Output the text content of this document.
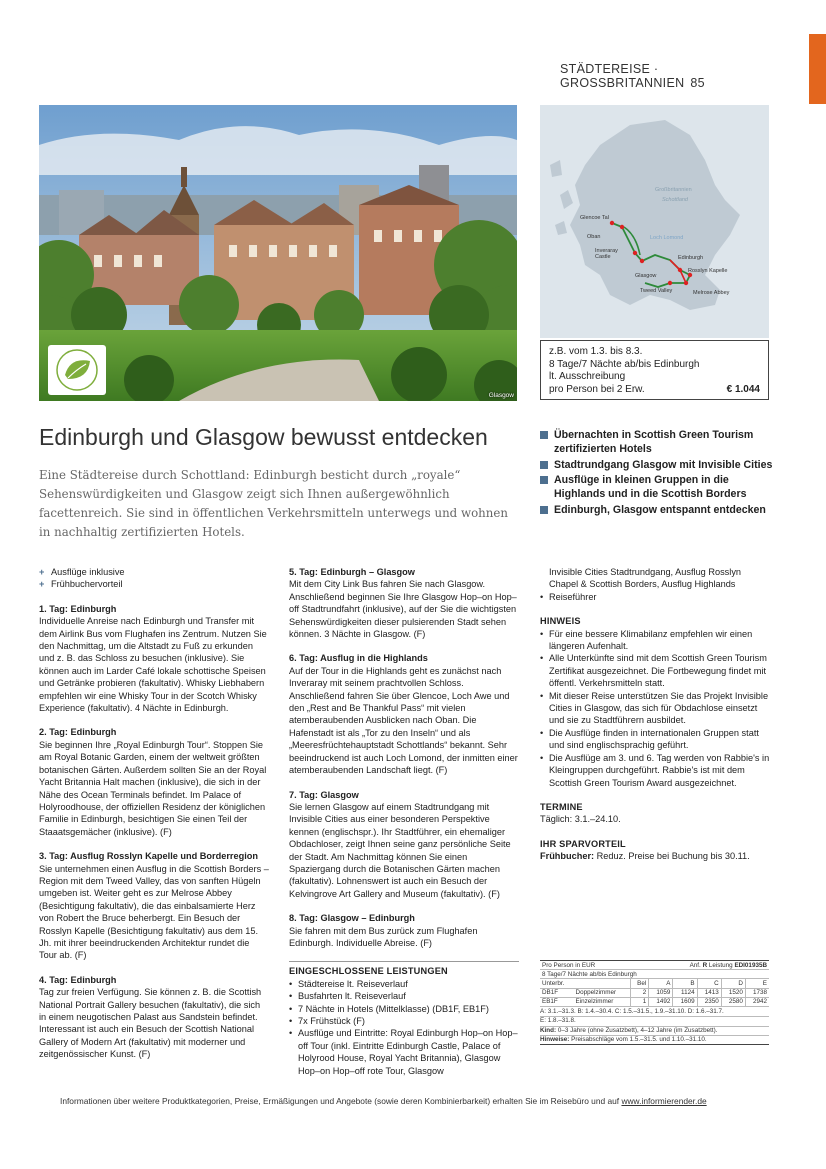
STÄDTEREISE · GROSSBRITANNIEN 85
Glasgow
Großbritannien
Schottland
Loch Lomond
Glencoe Tal
Oban
Inveraray Castle
Glasgow
Edinburgh
Rosslyn Kapelle
Tweed Valley	Melrose Abbey
z.B. vom 1.3. bis 8.3.
8 Tage/7 Nächte ab/bis Edinburgh
lt. Ausschreibung
pro Person bei 2 Erw.	€ 1.044
Edinburgh und Glasgow bewusst entdecken

Eine Städtereise durch Schottland: Edinburgh besticht durch „royale“ Sehenswürdigkeiten und Glasgow zeigt sich Ihnen außergewöhnlich facettenreich. Sie sind in öffentlichen Verkehrsmitteln unterwegs und wohnen in nachhaltig zertifizierten Hotels.

Übernachten in Scottish Green Tourism zertifizierten Hotels
Stadtrundgang Glasgow mit Invisible Cities
Ausflüge in kleinen Gruppen in die Highlands und in die Scottish Borders
Edinburgh, Glasgow entspannt entdecken
+ Ausflüge inklusive
+ Frühbuchervorteil

1. Tag: Edinburgh
Individuelle Anreise nach Edinburgh und Transfer mit dem Airlink Bus vom Flughafen ins Zentrum. Nutzen Sie den Nachmittag, um die Altstadt zu Fuß zu erkunden und z. B. das Schloss zu besuchen (inklusive). Sie können auch im Larder Café lokale schottische Speisen und Getränke probieren (fakultativ). Whisky Liebhabern empfehlen wir eine Whisky Tour in der Scotch Whisky Experience (fakultativ). 4 Nächte in Edinburgh.

2. Tag: Edinburgh
Sie beginnen Ihre „Royal Edinburgh Tour“. Stoppen Sie am Royal Botanic Garden, einem der weltweit größten botanischen Gärten. Außerdem sollten Sie an der Royal Yacht Britannia Halt machen (inklusive), die sich in der Nähe des Ocean Terminals befindet. Im Palace of Holyroodhouse, der offiziellen Residenz der königlichen Familie in Edinburgh, besichtigen Sie einen Teil der Staaatsgemächer (inklusive). (F)

3. Tag: Ausflug Rosslyn Kapelle und Borderregion
Sie unternehmen einen Ausflug in die Scottish Borders – Region mit dem Tweed Valley, das von sanften Hügeln umgeben ist. Weiter geht es zur Melrose Abbey (Besichtigung fakultativ), die das einbalsamierte Herz von Robert the Bruce beherbergt. Ein Besuch der Rosslyn Kapelle (Besichtigung fakultativ) aus dem 15. Jh. mit ihrer beeindruckenden Architektur rundet die Tour ab. (F)

4. Tag: Edinburgh
Tag zur freien Verfügung. Sie können z. B. die Scottish National Portrait Gallery besuchen (fakultativ), die sich in einem neugotischen Palast aus Sandstein befindet. Interessant ist auch ein Besuch der Scottish National Gallery of Modern Art (fakultativ) mit moderner und zeitgenössischer Kunst. (F)

5. Tag: Edinburgh – Glasgow
Mit dem City Link Bus fahren Sie nach Glasgow. Anschließend beginnen Sie Ihre Glasgow Hop–on Hop–off Stadtrundfahrt (inklusive), auf der Sie die wichtigsten Sehenswürdigkeiten dieser pulsierenden Stadt sehen können. 3 Nächte in Glasgow. (F)

6. Tag: Ausflug in die Highlands
Auf der Tour in die Highlands geht es zunächst nach Inveraray mit seinem prachtvollen Schloss. Anschließend fahren Sie über Glencoe, Loch Awe und den „Rest and Be Thankful Pass“ mit vielen atemberaubenden Ausblicken nach Oban. Die Hafenstadt ist als „Tor zu den Inseln“ und als „Meeresfrüchtehauptstadt Schottlands“ bekannt. Sehr beeindruckend ist auch Loch Lomond, der inmitten einer atemberaubenden Landschaft liegt. (F)

7. Tag: Glasgow
Sie lernen Glasgow auf einem Stadtrundgang mit Invisible Cities aus einer besonderen Perspektive kennen (englischspr.). Ihr Stadtführer, ein ehemaliger Obdachloser, zeigt Ihnen seine ganz persönliche Seite der Stadt. Am Nachmittag können Sie einen Spaziergang durch die Botanischen Gärten machen (fakultativ). Lohnenswert ist auch ein Besuch der Kelvingrove Art Gallery and Museum (fakultativ). (F)

8. Tag: Glasgow – Edinburgh
Sie fahren mit dem Bus zurück zum Flughafen Edinburgh. Individuelle Abreise. (F)

EINGESCHLOSSENE LEISTUNGEN
• Städtereise lt. Reiseverlauf
• Busfahrten lt. Reiseverlauf
• 7 Nächte in Hotels (Mittelklasse) (DB1F, EB1F)
• 7x Frühstück (F)
• Ausflüge und Eintritte: Royal Edinburgh Hop–on Hop–off Tour (inkl. Eintritte Edinburgh Castle, Palace of Holyrood House, Royal Yacht Britannia), Glasgow Hop–on Hop–off rote Tour, Glasgow
Invisible Cities Stadtrundgang, Ausflug Rosslyn Chapel & Scottish Borders, Ausflug Highlands
• Reiseführer
HINWEIS
• Für eine bessere Klimabilanz empfehlen wir einen längeren Aufenhalt.
• Alle Unterkünfte sind mit dem Scottish Green Tourism Zertifikat ausgezeichnet. Die Fortbewegung findet mit öffentl. Verkehrsmitteln statt.
• Mit dieser Reise unterstützen Sie das Projekt Invisible Cities in Glasgow, das sich für Obdachlose einsetzt und sie zu Stadtführern ausbildet.
• Die Ausflüge finden in internationalen Gruppen statt und sind englischsprachig geführt.
• Die Ausflüge am 3. und 6. Tag werden von Rabbie's in Kleingruppen durchgeführt. Rabbie's ist mit dem Scottish Green Tourism Award ausgezeichnet.
TERMINE
Täglich: 3.1.–24.10.
IHR SPARVORTEIL
Frühbucher: Reduz. Preise bei Buchung bis 30.11.
Pro Person in EUR			Anf. R Leistung EDI01935B				
8 Tage/7 Nächte ab/bis Edinburgh							
Unterbr.		Bel	A	B	C	D	E
DB1F	Doppelzimmer	2	1059	1124	1413	1520	1738
EB1F	Einzelzimmer	1	1492	1609	2350	2580	2942
A: 3.1.–31.3. B: 1.4.–30.4. C: 1.5.–31.5., 1.9.–31.10. D: 1.6.–31.7.
E: 1.8.–31.8.
Kind: 0–3 Jahre (ohne Zusatzbett), 4–12 Jahre (im Zusatzbett).
Hinweise: Preisabschläge vom 1.5.–31.5. und 1.10.–31.10.
Informationen über weitere Produktkategorien, Preise, Ermäßigungen und Angebote (sowie deren Kombinierbarkeit) erhalten Sie im Reisebüro und auf www.informierender.de
